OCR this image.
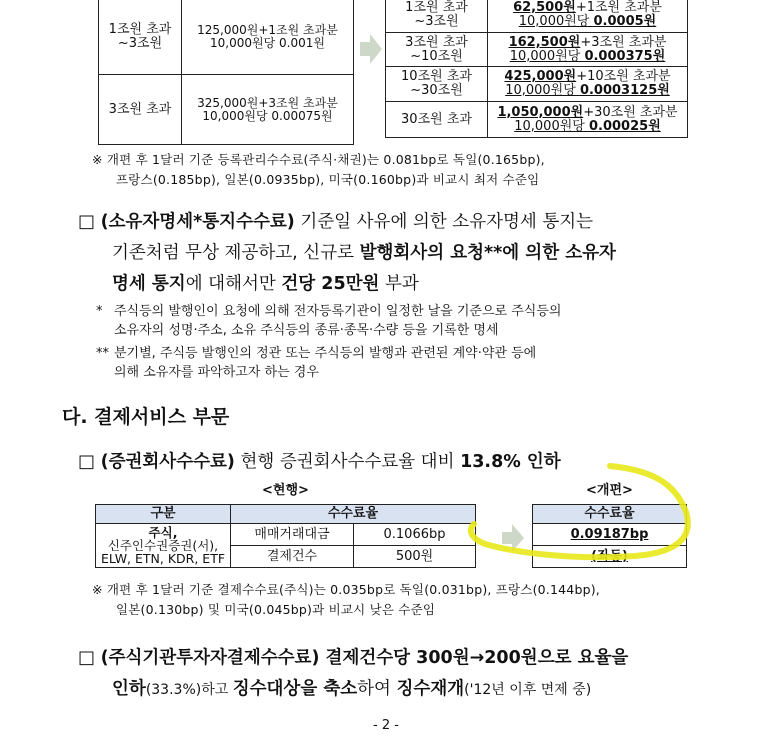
1조원 초과
~3조원	125,000원+1조원 초과분
10,000원당 0.001원
3조원 초과	325,000원+3조원 초과분
10,000원당 0.00075원
1조원 초과
~3조원	62,500원+1조원 초과분
10,000원당 0.0005원
3조원 초과
~10조원	162,500원+3조원 초과분
10,000원당 0.000375원
10조원 초과
~30조원	425,000원+10조원 초과분
10,000원당 0.0003125원
30조원 초과	1,050,000원+30조원 초과분
10,000원당 0.00025원
※ 개편 후 1달러 기준 등록관리수수료(주식·채권)는 0.081bp로 독일(0.165bp),
프랑스(0.185bp), 일본(0.0935bp), 미국(0.160bp)과 비교시 최저 수준임
□ (소유자명세*통지수수료) 기준일 사유에 의한 소유자명세 통지는
기존처럼 무상 제공하고, 신규로 발행회사의 요청**에 의한 소유자
명세 통지에 대해서만 건당 25만원 부과
* 주식등의 발행인이 요청에 의해 전자등록기관이 일정한 날을 기준으로 주식등의
소유자의 성명·주소, 소유 주식등의 종류·종목·수량 등을 기록한 명세
** 분기별, 주식등 발행인의 정관 또는 주식등의 발행과 관련된 계약·약관 등에
의해 소유자를 파악하고자 하는 경우
다. 결제서비스 부문
□ (증권회사수수료) 현행 증권회사수수료율 대비 13.8% 인하
<현행>	<개편>
구분	수수료율	

주식,
신주인수권증권(서),
ELW, ETN, KDR, ETF	매매거래대금	0.1066bp
	결제건수	500원
수수료율
0.09187bp
(좌동)
※ 개편 후 1달러 기준 결제수수료(주식)는 0.035bp로 독일(0.031bp), 프랑스(0.144bp),
일본(0.130bp) 및 미국(0.045bp)과 비교시 낮은 수준임
□ (주식기관투자자결제수수료) 결제건수당 300원→200원으로 요율을
인하(33.3%)하고 징수대상을 축소하여 징수재개('12년 이후 면제 중)
- 2 -
